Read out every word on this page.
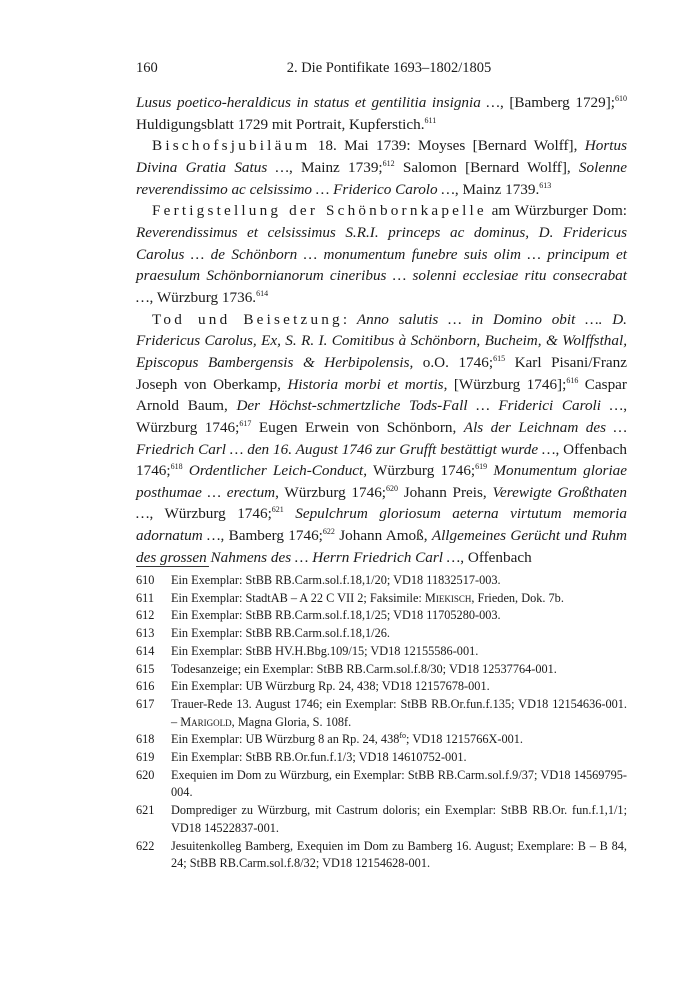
160	2. Die Pontifikate 1693–1802/1805

Lusus poetico-heraldicus in status et gentilitia insignia …, [Bamberg 1729];$^{610}$ Huldigungsblatt 1729 mit Portrait, Kupferstich.$^{611}$

Bischofsjubiläum 18. Mai 1739: Moyses [Bernard Wolff], Hortus Divina Gratia Satus …, Mainz 1739;$^{612}$ Salomon [Bernard Wolff], Solenne reverendissimo ac celsissimo … Friderico Carolo …, Mainz 1739.$^{613}$

Fertigstellung der Schönbornkapelle am Würzburger Dom: Reverendissimus et celsissimus S.R.I. princeps ac dominus, D. Fridericus Carolus … de Schönborn … monumentum funebre suis olim … principum et praesulum Schönbornianorum cineribus … solenni ecclesiae ritu consecrabat …, Würzburg 1736.$^{614}$

Tod und Beisetzung: Anno salutis … in Domino obit …. D. Fridericus Carolus, Ex, S. R. I. Comitibus à Schönborn, Bucheim, & Wolffsthal, Episcopus Bambergensis & Herbipolensis, o.O. 1746;$^{615}$ Karl Pisani/Franz Joseph von Oberkamp, Historia morbi et mortis, [Würzburg 1746];$^{616}$ Caspar Arnold Baum, Der Höchst-schmertzliche Tods-Fall … Friderici Caroli …, Würzburg 1746;$^{617}$ Eugen Erwein von Schönborn, Als der Leichnam des … Friedrich Carl … den 16. August 1746 zur Grufft bestättigt wurde …, Offenbach 1746;$^{618}$ Ordentlicher Leich-Conduct, Würzburg 1746;$^{619}$ Monumentum gloriae posthumae … erectum, Würzburg 1746;$^{620}$ Johann Preis, Verewigte Großthaten …, Würzburg 1746;$^{621}$ Sepulchrum gloriosum aeterna virtutum memoria adornatum …, Bamberg 1746;$^{622}$ Johann Amoß, Allgemeines Gerücht und Ruhm des grossen Nahmens des … Herrn Friedrich Carl …, Offenbach

610	Ein Exemplar: StBB RB.Carm.sol.f.18,1/20; VD18 11832517-003.
611	Ein Exemplar: StadtAB – A 22 C VII 2; Faksimile: Miekisch, Frieden, Dok. 7b.
612	Ein Exemplar: StBB RB.Carm.sol.f.18,1/25; VD18 11705280-003.
613	Ein Exemplar: StBB RB.Carm.sol.f.18,1/26.
614	Ein Exemplar: StBB HV.H.Bbg.109/15; VD18 12155586-001.
615	Todesanzeige; ein Exemplar: StBB RB.Carm.sol.f.8/30; VD18 12537764-001.
616	Ein Exemplar: UB Würzburg Rp. 24, 438; VD18 12157678-001.
617	Trauer-Rede 13. August 1746; ein Exemplar: StBB RB.Or.fun.f.135; VD18 12154636-001. – Marigold, Magna Gloria, S. 108f.
618	Ein Exemplar: UB Würzburg 8 an Rp. 24, $438^{fo}$; VD18 1215766X-001.
619	Ein Exemplar: StBB RB.Or.fun.f.1/3; VD18 14610752-001.
620	Exequien im Dom zu Würzburg, ein Exemplar: StBB RB.Carm.sol.f.9/37; VD18 14569795-004.
621	Domprediger zu Würzburg, mit Castrum doloris; ein Exemplar: StBB RB.Or. fun.f.1,1/1; VD18 14522837-001.
622	Jesuitenkolleg Bamberg, Exequien im Dom zu Bamberg 16. August; Exemplare: B – B 84, 24; StBB RB.Carm.sol.f.8/32; VD18 12154628-001.
